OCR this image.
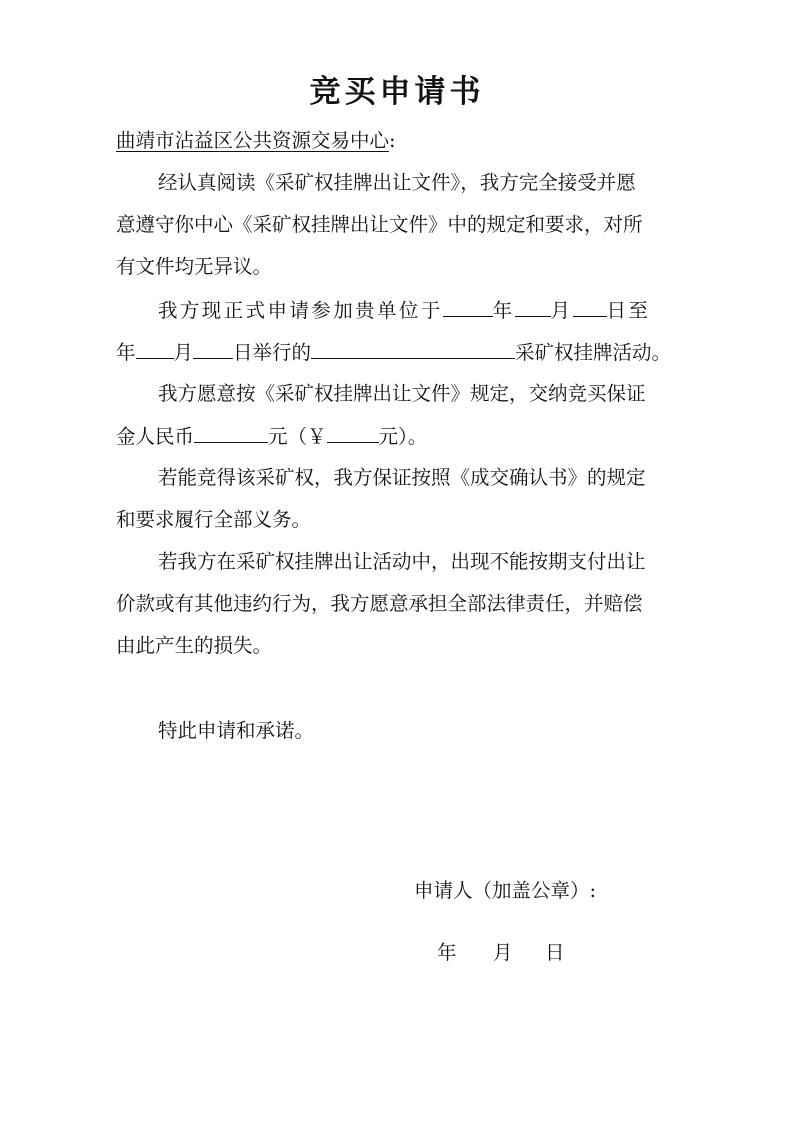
竞买申请书
曲靖市沾益区公共资源交易中心:
经认真阅读《采矿权挂牌出让文件》，我方完全接受并愿
意遵守你中心《采矿权挂牌出让文件》中的规定和要求，对所
有文件均无异议。
我方现正式申请参加贵单位于	年 月 日至
年 月 日举行的	采矿权挂牌活动。
我方愿意按《采矿权挂牌出让文件》规定，交纳竞买保证
金人民币	元（￥	元）。
若能竞得该采矿权，我方保证按照《成交确认书》的规定
和要求履行全部义务。
若我方在采矿权挂牌出让活动中，出现不能按期支付出让
价款或有其他违约行为，我方愿意承担全部法律责任，并赔偿
由此产生的损失。
特此申请和承诺。
申请人（加盖公章）:
年 月 日
